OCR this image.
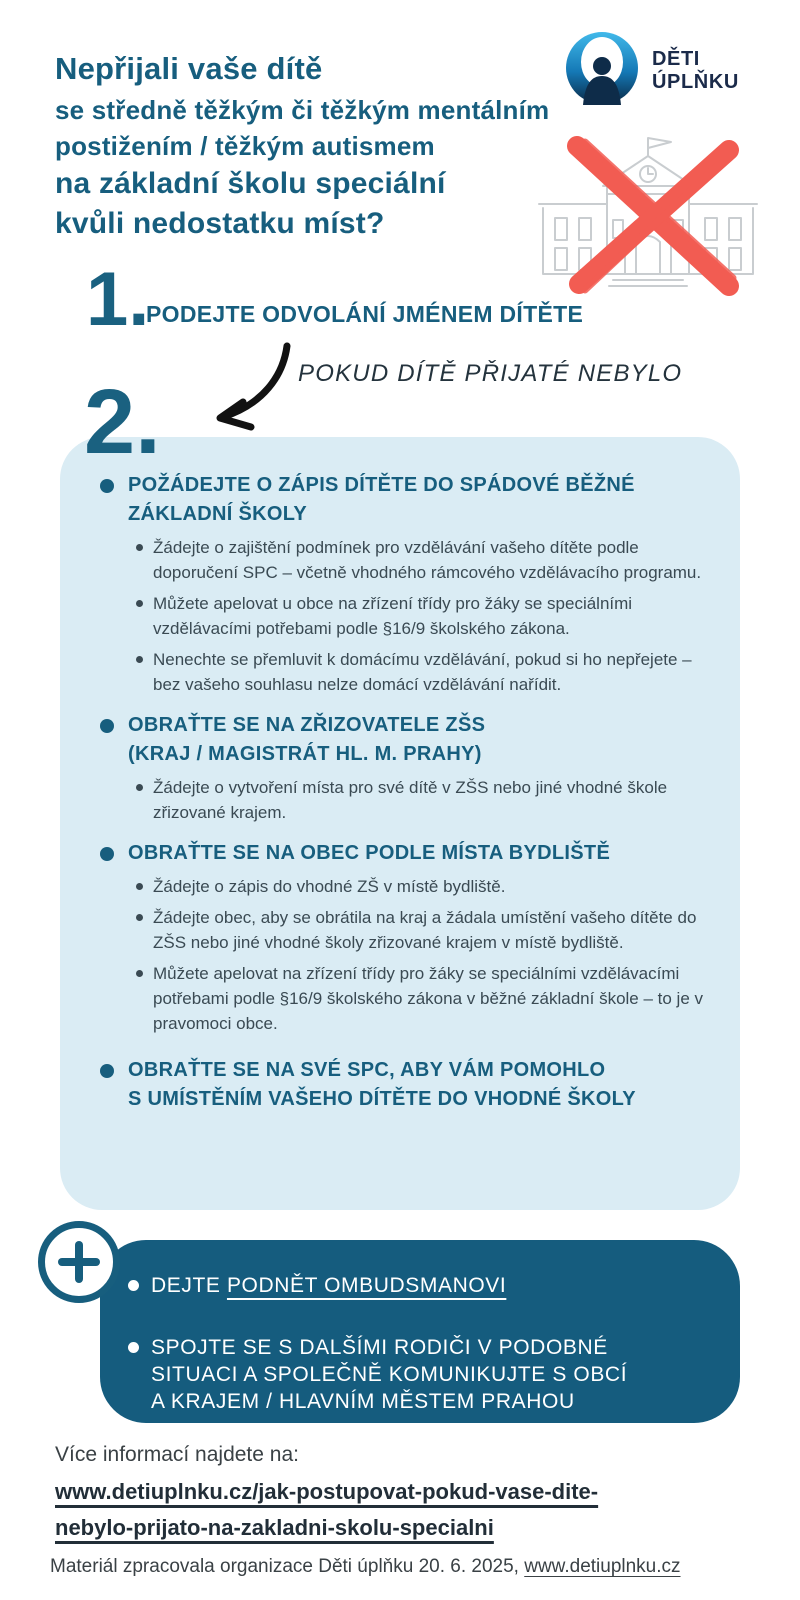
Nepřijali vaše dítě
se středně těžkým či těžkým mentálním
postižením / těžkým autismem
na základní školu speciální
kvůli nedostatku míst?
DĚTI
ÚPLŇKU
1.
PODEJTE ODVOLÁNÍ JMÉNEM DÍTĚTE
POKUD DÍTĚ PŘIJATÉ NEBYLO
2.
POŽÁDEJTE O ZÁPIS DÍTĚTE DO SPÁDOVÉ BĚŽNÉ
ZÁKLADNÍ ŠKOLY
Žádejte o zajištění podmínek pro vzdělávání vašeho dítěte podle doporučení SPC – včetně vhodného rámcového vzdělávacího programu.
Můžete apelovat u obce na zřízení třídy pro žáky se speciálními vzdělávacími potřebami podle §16/9 školského zákona.
Nenechte se přemluvit k domácímu vzdělávání, pokud si ho nepřejete – bez vašeho souhlasu nelze domácí vzdělávání nařídit.
OBRAŤTE SE NA ZŘIZOVATELE ZŠS
(KRAJ / MAGISTRÁT HL. M. PRAHY)
Žádejte o vytvoření místa pro své dítě v ZŠS nebo jiné vhodné škole zřizované krajem.
OBRAŤTE SE NA OBEC PODLE MÍSTA BYDLIŠTĚ
Žádejte o zápis do vhodné ZŠ v místě bydliště.
Žádejte obec, aby se obrátila na kraj a žádala umístění vašeho dítěte do ZŠS nebo jiné vhodné školy zřizované krajem v místě bydliště.
Můžete apelovat na zřízení třídy pro žáky se speciálními vzdělávacími potřebami podle §16/9 školského zákona v běžné základní škole – to je v pravomoci obce.
OBRAŤTE SE NA SVÉ SPC, ABY VÁM POMOHLO
S UMÍSTĚNÍM VAŠEHO DÍTĚTE DO VHODNÉ ŠKOLY
DEJTE PODNĚT OMBUDSMANOVI
SPOJTE SE S DALŠÍMI RODIČI V PODOBNÉ
SITUACI A SPOLEČNĚ KOMUNIKUJTE S OBCÍ
A KRAJEM / HLAVNÍM MĚSTEM PRAHOU
Více informací najdete na:
www.detiuplnku.cz/jak-postupovat-pokud-vase-dite-
nebylo-prijato-na-zakladni-skolu-specialni
Materiál zpracovala organizace Děti úplňku 20. 6. 2025, www.detiuplnku.cz
